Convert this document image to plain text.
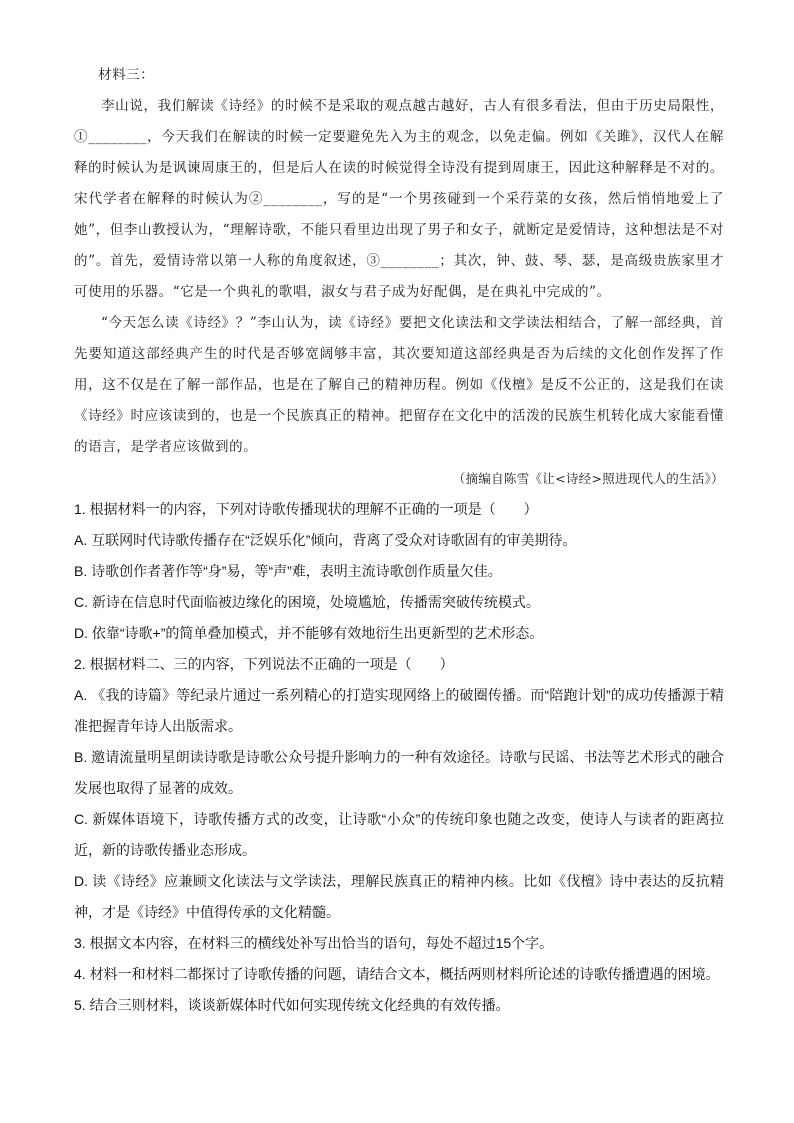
材料三：

李山说，我们解读《诗经》的时候不是采取的观点越古越好，古人有很多看法，但由于历史局限性，①________，今天我们在解读的时候一定要避免先入为主的观念，以免走偏。例如《关雎》，汉代人在解释的时候认为是讽谏周康王的，但是后人在读的时候觉得全诗没有提到周康王，因此这种解释是不对的。宋代学者在解释的时候认为②________，写的是“一个男孩碰到一个采荇菜的女孩，然后悄悄地爱上了她”，但李山教授认为，“理解诗歌，不能只看里边出现了男子和女子，就断定是爱情诗，这种想法是不对的”。首先，爱情诗常以第一人称的角度叙述，③________；其次，钟、鼓、琴、瑟，是高级贵族家里才可使用的乐器。“它是一个典礼的歌唱，淑女与君子成为好配偶，是在典礼中完成的”。

“今天怎么读《诗经》？”李山认为，读《诗经》要把文化读法和文学读法相结合，了解一部经典，首先要知道这部经典产生的时代是否够宽阔够丰富，其次要知道这部经典是否为后续的文化创作发挥了作用，这不仅是在了解一部作品，也是在了解自己的精神历程。例如《伐檀》是反不公正的，这是我们在读《诗经》时应该读到的，也是一个民族真正的精神。把留存在文化中的活泼的民族生机转化成大家能看懂的语言，是学者应该做到的。

（摘编自陈雪《让<诗经>照进现代人的生活》）

1. 根据材料一的内容，下列对诗歌传播现状的理解不正确的一项是（　　）

A. 互联网时代诗歌传播存在“泛娱乐化”倾向，背离了受众对诗歌固有的审美期待。

B. 诗歌创作者著作等“身”易，等“声”难，表明主流诗歌创作质量欠佳。

C. 新诗在信息时代面临被边缘化的困境，处境尴尬，传播需突破传统模式。

D. 依靠“诗歌+”的简单叠加模式，并不能够有效地衍生出更新型的艺术形态。

2. 根据材料二、三的内容，下列说法不正确的一项是（　　）

A. 《我的诗篇》等纪录片通过一系列精心的打造实现网络上的破圈传播。而“陪跑计划”的成功传播源于精准把握青年诗人出版需求。

B. 邀请流量明星朗读诗歌是诗歌公众号提升影响力的一种有效途径。诗歌与民谣、书法等艺术形式的融合发展也取得了显著的成效。

C. 新媒体语境下，诗歌传播方式的改变，让诗歌“小众”的传统印象也随之改变，使诗人与读者的距离拉近，新的诗歌传播业态形成。

D. 读《诗经》应兼顾文化读法与文学读法，理解民族真正的精神内核。比如《伐檀》诗中表达的反抗精神，才是《诗经》中值得传承的文化精髓。

3. 根据文本内容，在材料三的横线处补写出恰当的语句，每处不超过15个字。

4. 材料一和材料二都探讨了诗歌传播的问题，请结合文本，概括两则材料所论述的诗歌传播遭遇的困境。

5. 结合三则材料，谈谈新媒体时代如何实现传统文化经典的有效传播。
